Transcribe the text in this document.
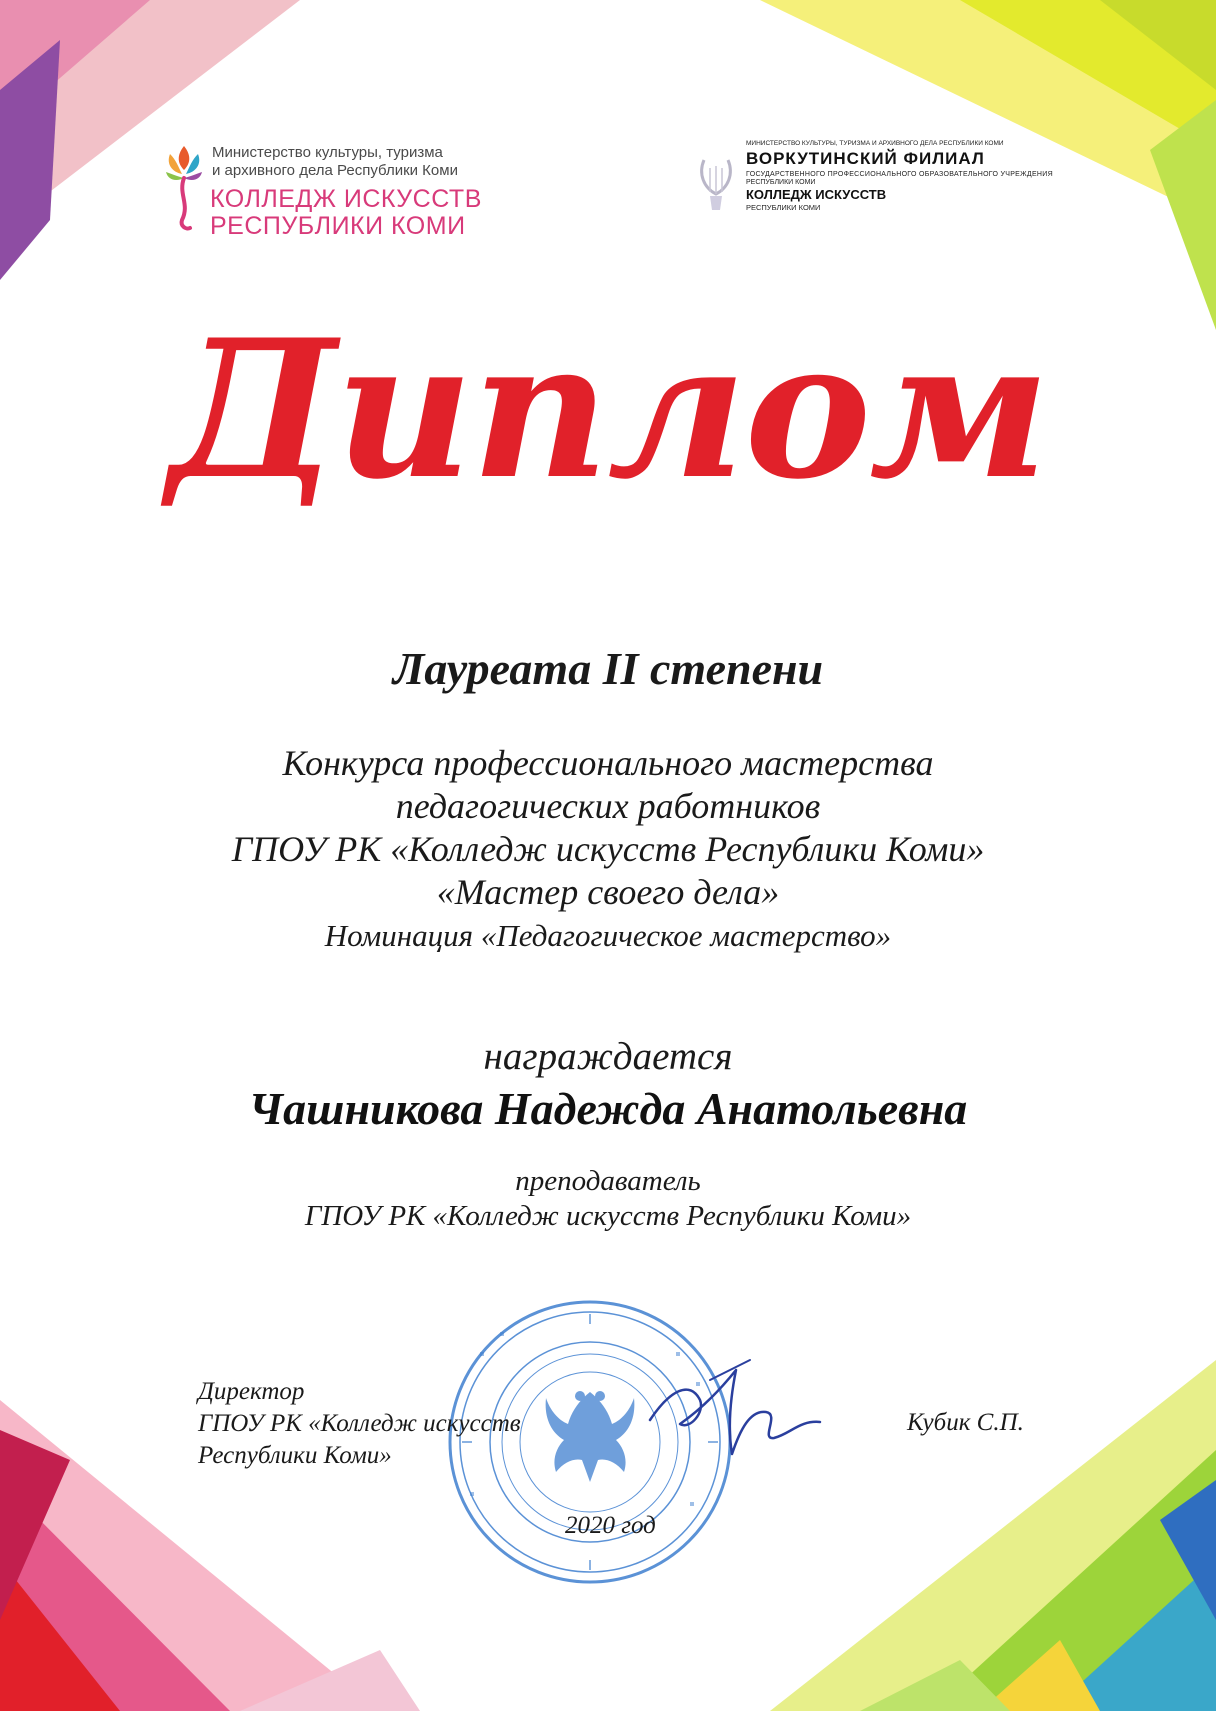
Министерство культуры, туризма
и архивного дела Республики Коми
КОЛЛЕДЖ ИСКУССТВ
РЕСПУБЛИКИ КОМИ
МИНИСТЕРСТВО КУЛЬТУРЫ, ТУРИЗМА И АРХИВНОГО ДЕЛА РЕСПУБЛИКИ КОМИ
ВОРКУТИНСКИЙ ФИЛИАЛ
ГОСУДАРСТВЕННОГО ПРОФЕССИОНАЛЬНОГО ОБРАЗОВАТЕЛЬНОГО УЧРЕЖДЕНИЯ
РЕСПУБЛИКИ КОМИ
КОЛЛЕДЖ ИСКУССТВ
РЕСПУБЛИКИ КОМИ
Диплом
Лауреата II степени
Конкурса профессионального мастерства
педагогических работников
ГПОУ РК «Колледж искусств Республики Коми»
«Мастер своего дела»
Номинация «Педагогическое мастерство»
награждается
Чашникова Надежда Анатольевна
преподаватель
ГПОУ РК «Колледж искусств Республики Коми»
Директор
ГПОУ РК «Колледж искусств
Республики Коми»
Кубик С.П.
2020 год
